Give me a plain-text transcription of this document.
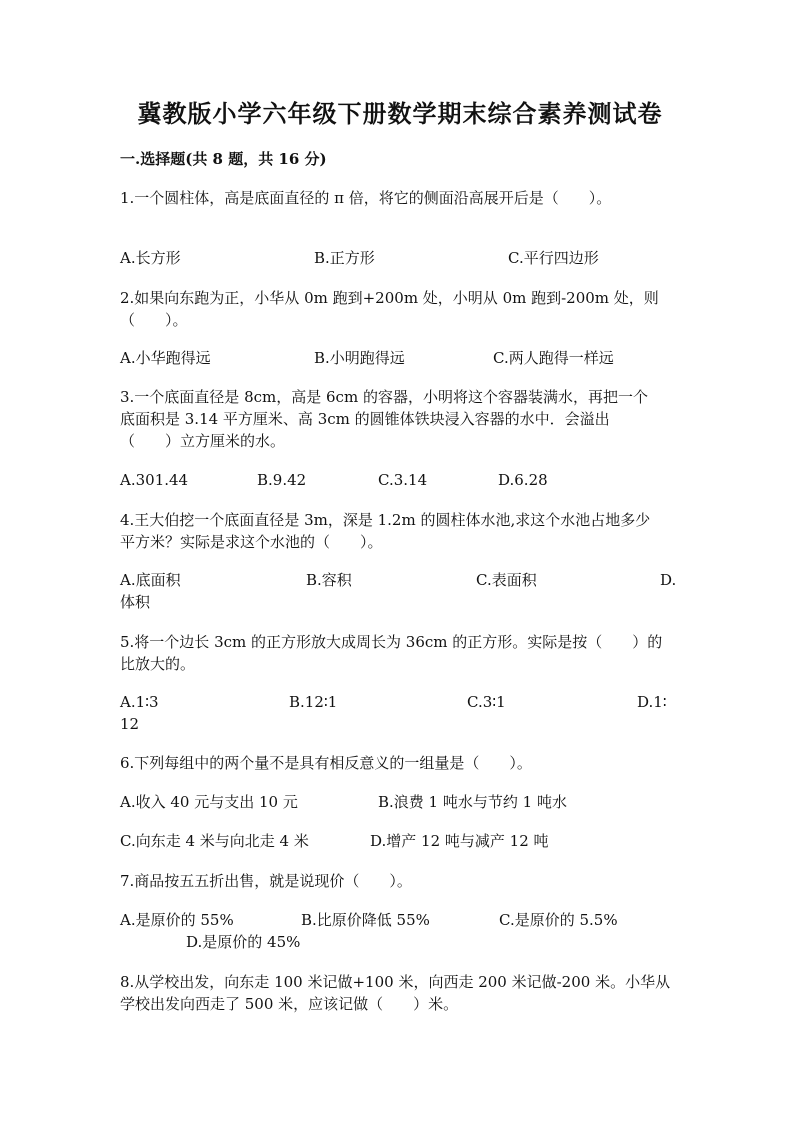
冀教版小学六年级下册数学期末综合素养测试卷
一.选择题(共 8 题，共 16 分)
1.一个圆柱体，高是底面直径的 π 倍，将它的侧面沿高展开后是（　　）。
A.长方形	B.正方形	C.平行四边形
2.如果向东跑为正，小华从 0m 跑到+200m 处，小明从 0m 跑到-200m 处，则
（　　）。
A.小华跑得远	B.小明跑得远	C.两人跑得一样远
3.一个底面直径是 8cm，高是 6cm 的容器，小明将这个容器装满水，再把一个
底面积是 3.14 平方厘米、高 3cm 的圆锥体铁块浸入容器的水中．会溢出
（　　）立方厘米的水。
A.301.44	B.9.42	C.3.14	D.6.28
4.王大伯挖一个底面直径是 3m，深是 1.2m 的圆柱体水池,求这个水池占地多少
平方米？实际是求这个水池的（　　）。
A.底面积	B.容积	C.表面积	D.
体积
5.将一个边长 3cm 的正方形放大成周长为 36cm 的正方形。实际是按（　　）的
比放大的。
A.1∶3	B.12∶1	C.3∶1	D.1∶
12
6.下列每组中的两个量不是具有相反意义的一组量是（　　）。
A.收入 40 元与支出 10 元	B.浪费 1 吨水与节约 1 吨水
C.向东走 4 米与向北走 4 米	D.增产 12 吨与减产 12 吨
7.商品按五五折出售，就是说现价（　　）。
A.是原价的 55%	B.比原价降低 55%	C.是原价的 5.5%
D.是原价的 45%
8.从学校出发，向东走 100 米记做+100 米，向西走 200 米记做-200 米。小华从
学校出发向西走了 500 米，应该记做（　　）米。
